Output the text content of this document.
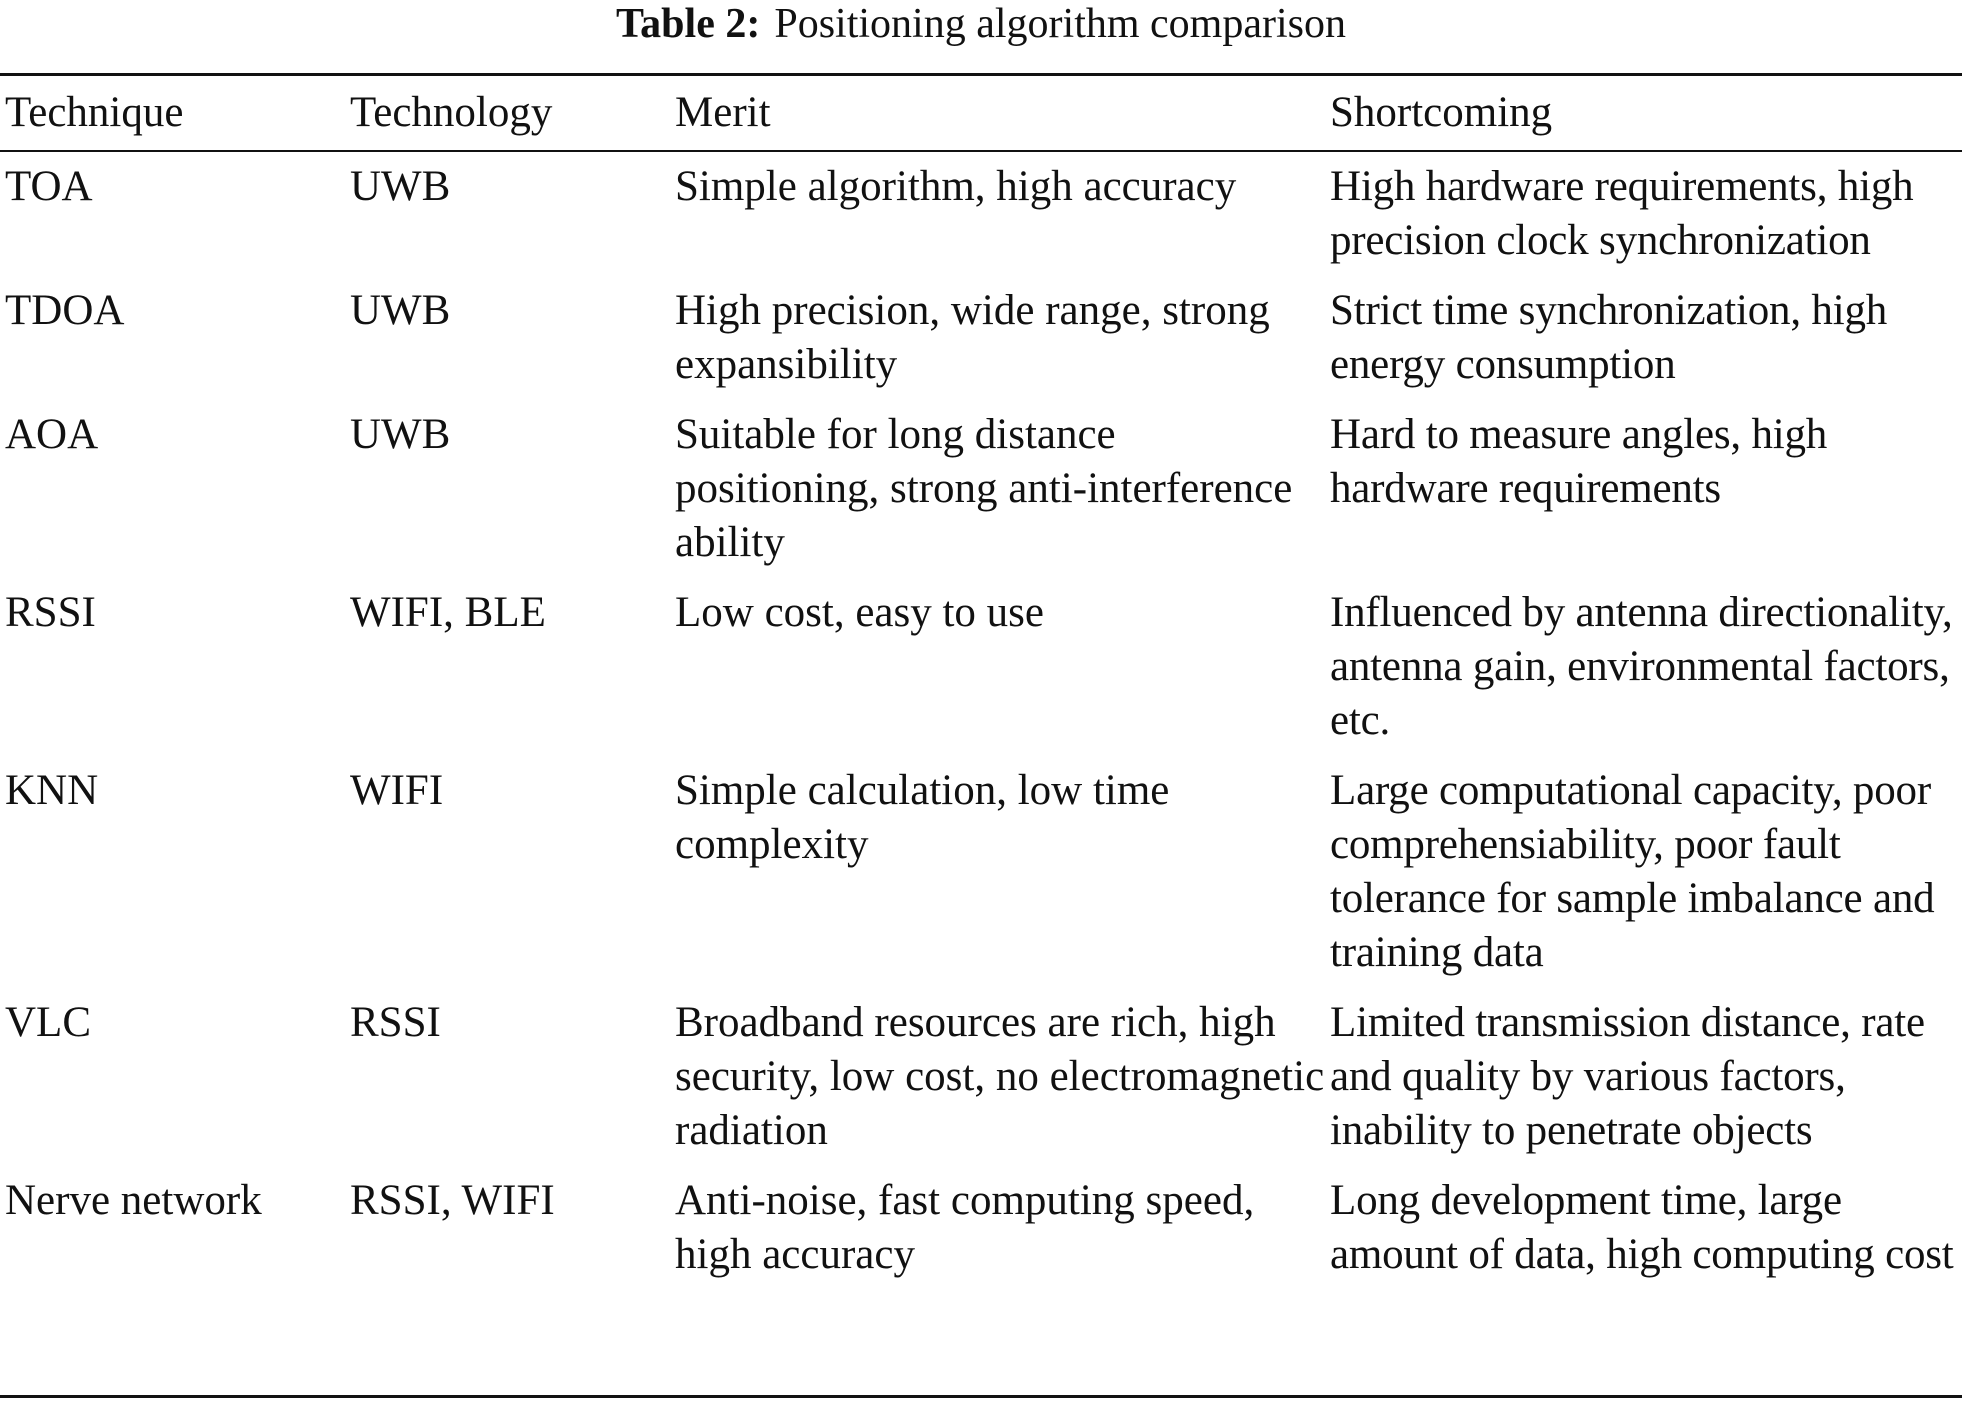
Table 2: Positioning algorithm comparison
Technique	Technology	Merit	Shortcoming
TOA	UWB	Simple algorithm, high accuracy	High hardware requirements, high precision clock synchronization
TDOA	UWB	High precision, wide range, strong expansibility	Strict time synchronization, high energy consumption
AOA	UWB	Suitable for long distance positioning, strong anti-interference ability	Hard to measure angles, high hardware requirements
RSSI	WIFI, BLE	Low cost, easy to use	Influenced by antenna directionality, antenna gain, environmental factors, etc.
KNN	WIFI	Simple calculation, low time complexity	Large computational capacity, poor comprehensiability, poor fault tolerance for sample imbalance and training data
VLC	RSSI	Broadband resources are rich, high security, low cost, no electromagnetic radiation	Limited transmission distance, rate and quality by various factors, inability to penetrate objects
Nerve network	RSSI, WIFI	Anti-noise, fast computing speed, high accuracy	Long development time, large amount of data, high computing cost
